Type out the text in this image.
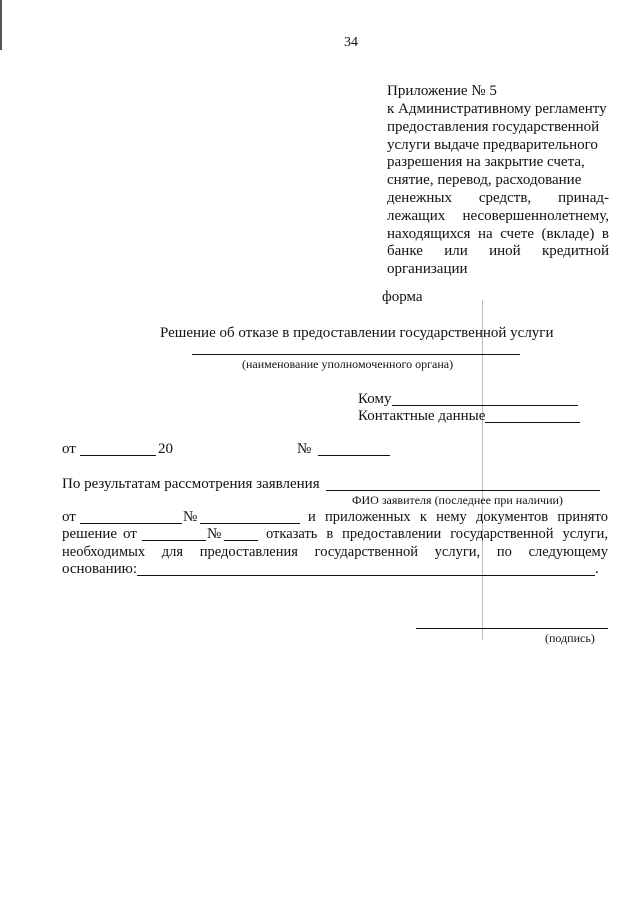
34
Приложение № 5
к Административному регламенту
предоставления государственной
услуги выдаче предварительного
разрешения на закрытие счета,
снятие, перевод, расходование
денежных средств, принад-
лежащих несовершеннолетнему,
находящихся на счете (вкладе) в
банке или иной кредитной
организации
форма
Решение об отказе в предоставлении государственной услуги
(наименование уполномоченного органа)
Кому
Контактные данные
от	20	№
По результатам рассмотрения заявления
ФИО заявителя (последнее при наличии)
от	№	и приложенных к нему документов принято
решение от	№	отказать в предоставлении государственной услуги,
необходимых для предоставления государственной услуги, по следующему
основанию:	.
(подпись)
